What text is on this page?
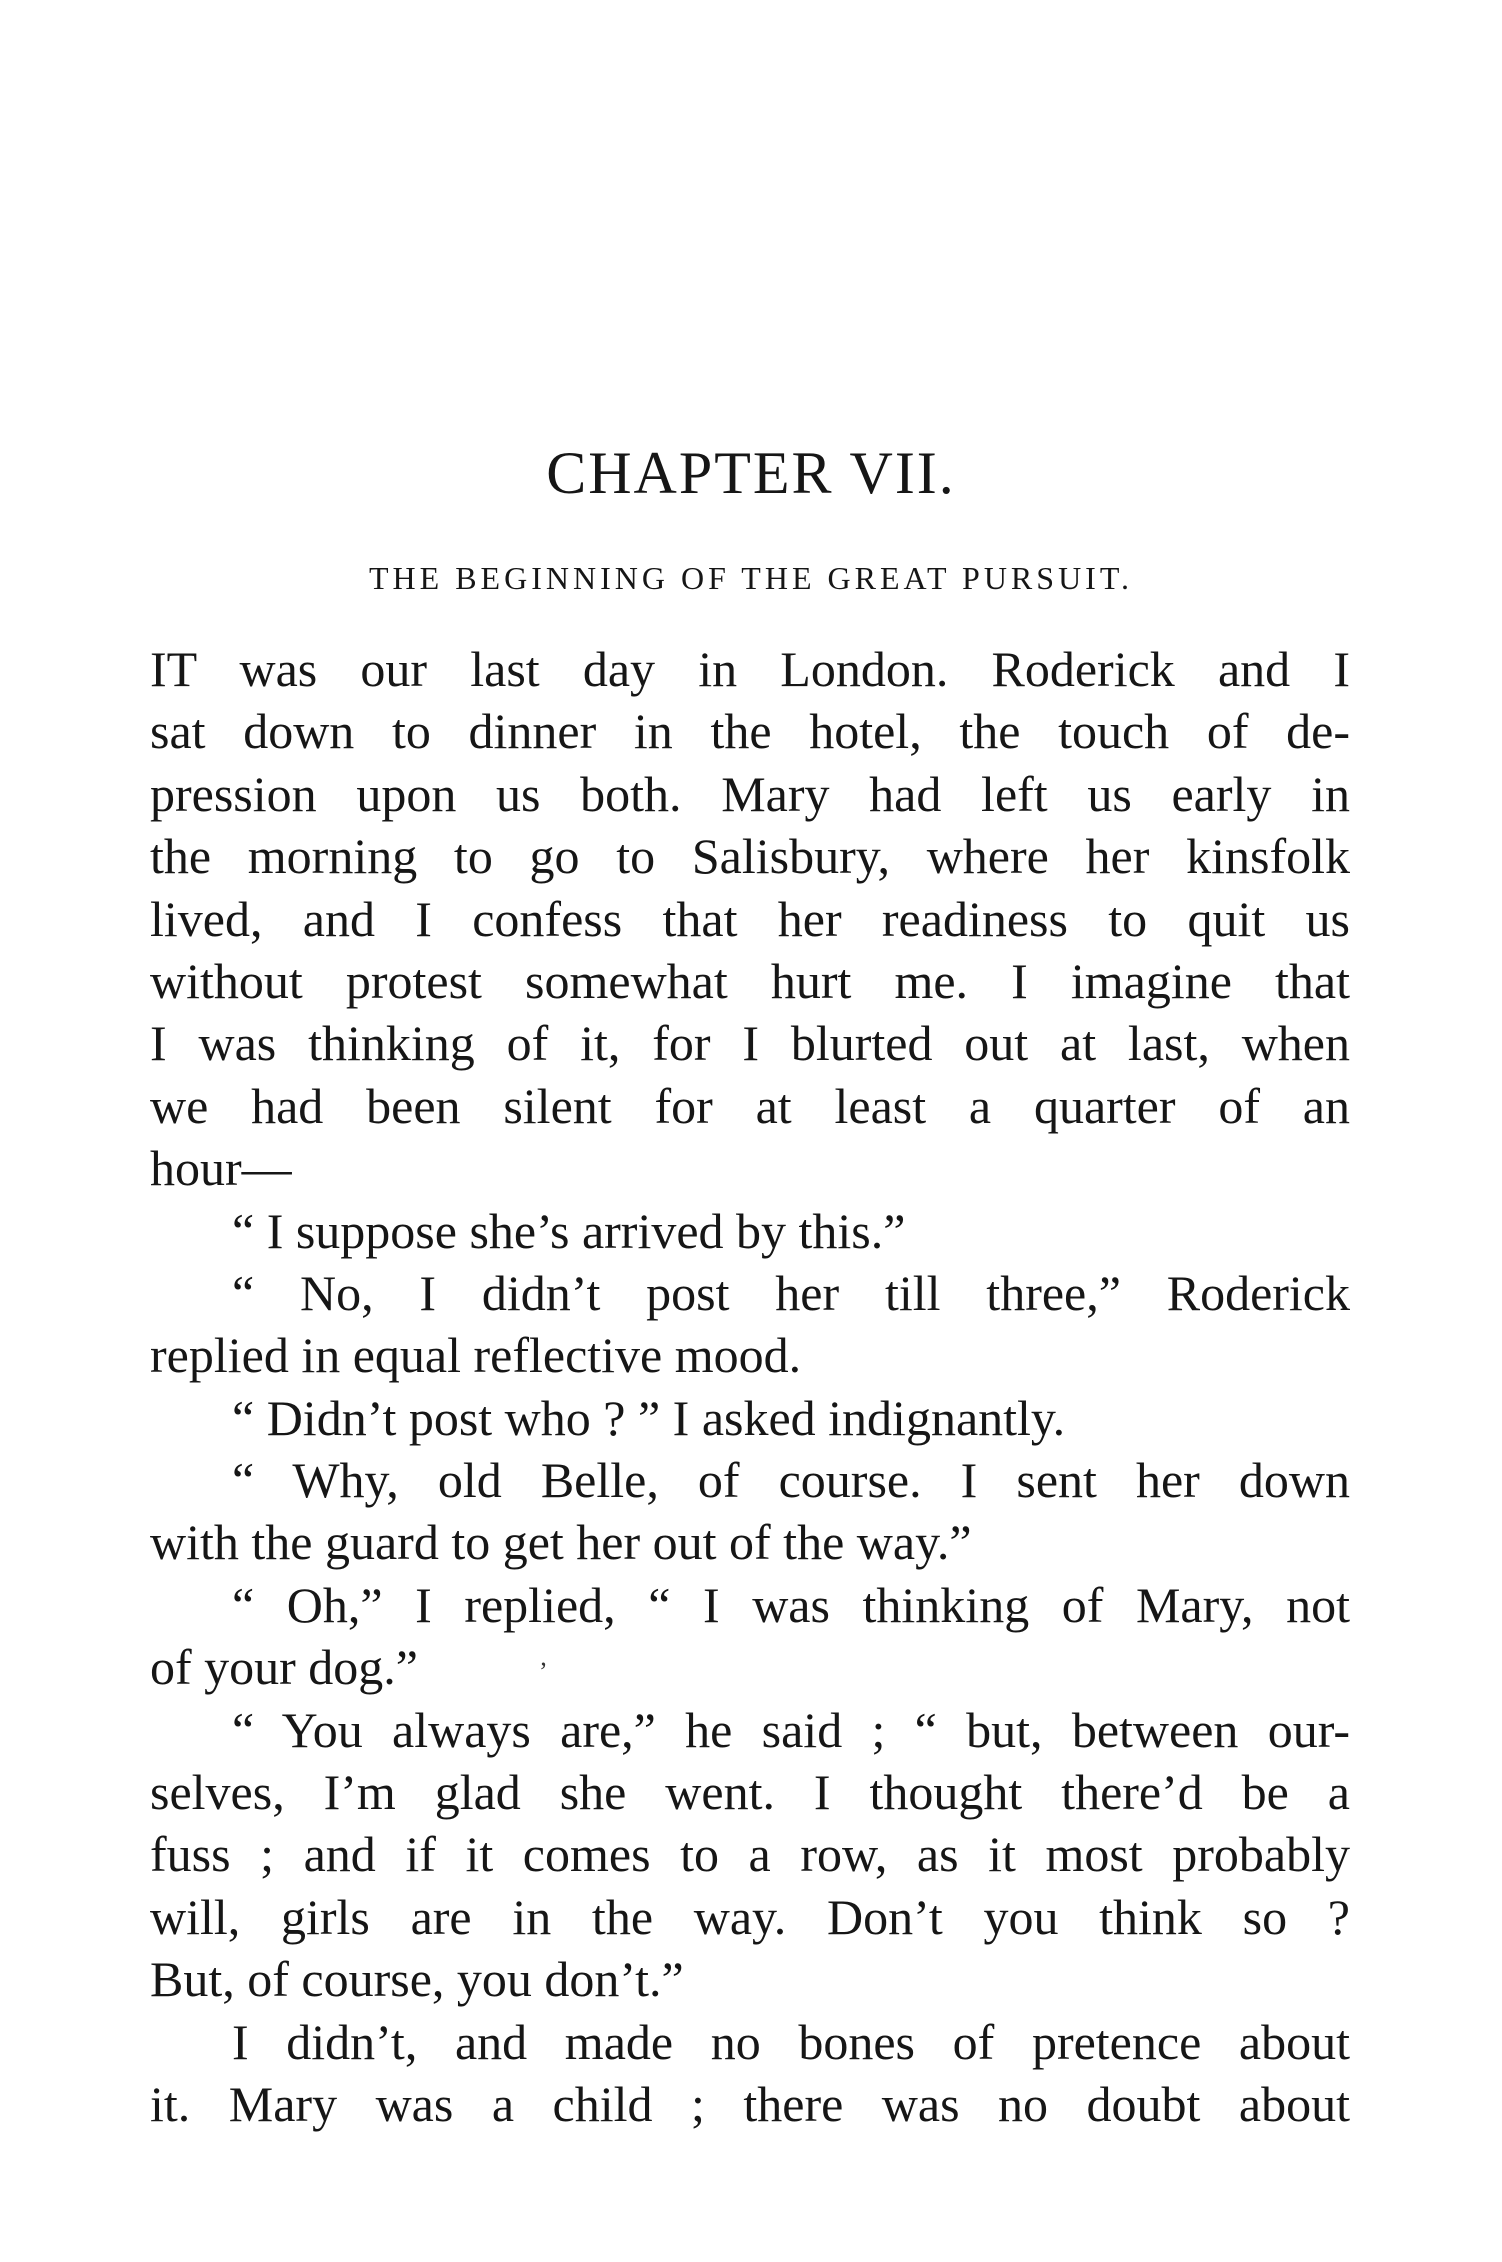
CHAPTER VII.
THE BEGINNING OF THE GREAT PURSUIT.
IT was our last day in London. Roderick and I
sat down to dinner in the hotel, the touch of de-
pression upon us both. Mary had left us early in
the morning to go to Salisbury, where her kinsfolk
lived, and I confess that her readiness to quit us
without protest somewhat hurt me. I imagine that
I was thinking of it, for I blurted out at last, when
we had been silent for at least a quarter of an
hour—
“ I suppose she’s arrived by this.”
“ No, I didn’t post her till three,” Roderick
replied in equal reflective mood.
“ Didn’t post who ? ” I asked indignantly.
“ Why, old Belle, of course. I sent her down
with the guard to get her out of the way.”
“ Oh,” I replied, “ I was thinking of Mary, not
of your dog.”
“ You always are,” he said ; “ but, between our-
selves, I’m glad she went. I thought there’d be a
fuss ; and if it comes to a row, as it most probably
will, girls are in the way. Don’t you think so ?
But, of course, you don’t.”
I didn’t, and made no bones of pretence about
it. Mary was a child ; there was no doubt about
’
